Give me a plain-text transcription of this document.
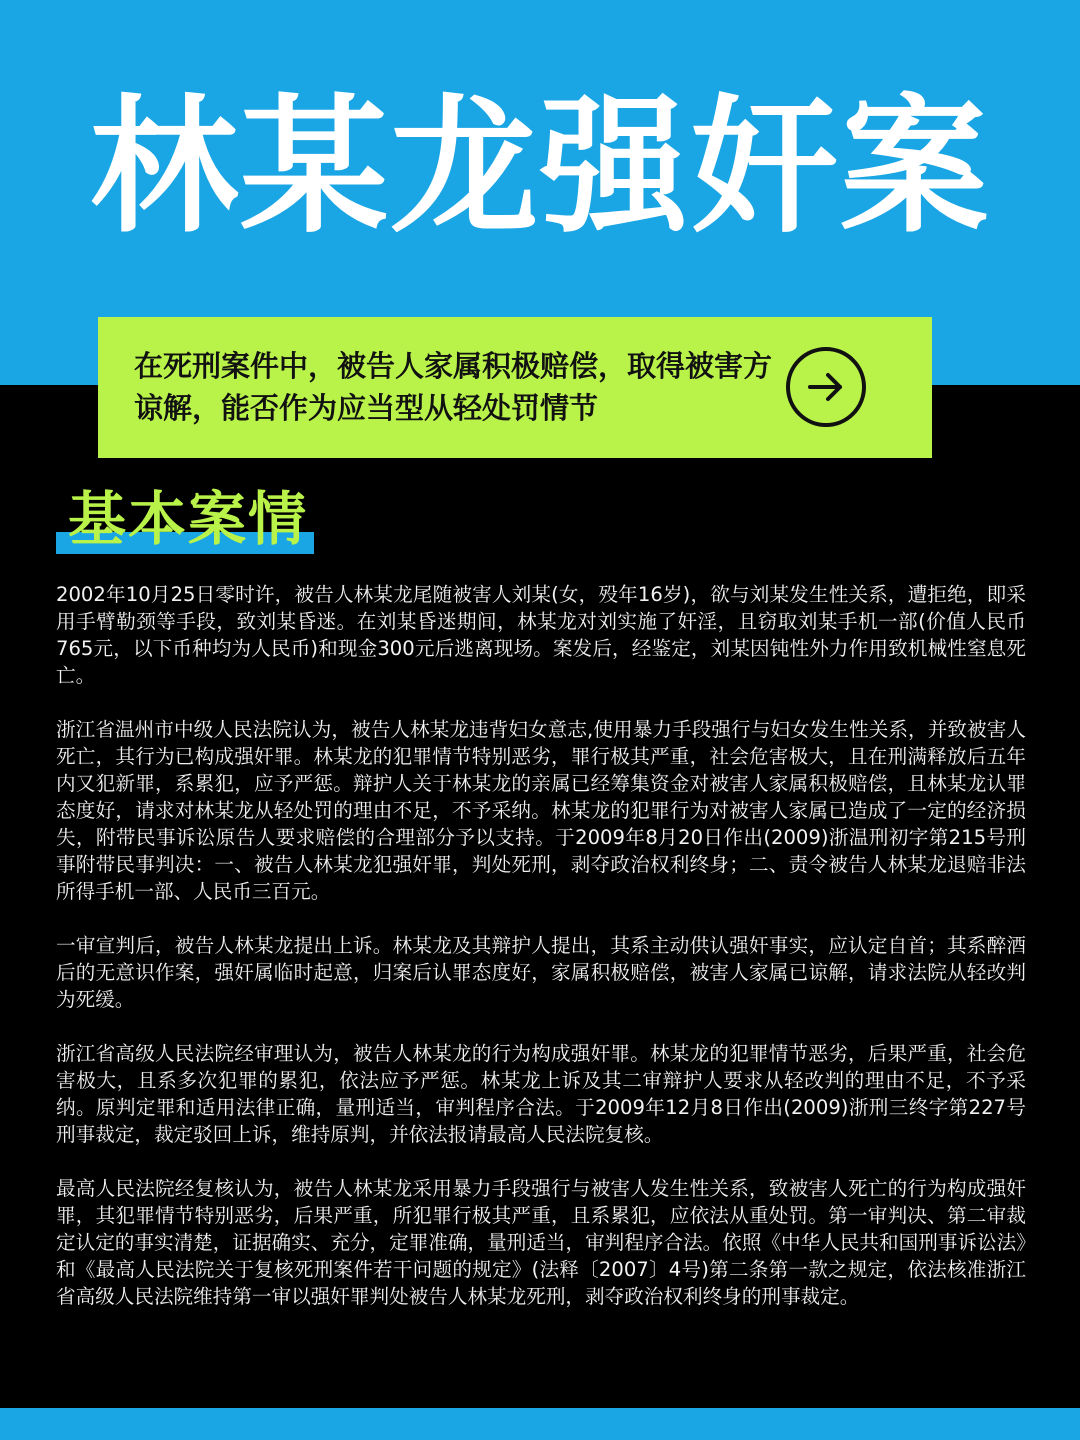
林某龙强奸案

在死刑案件中，被告人家属积极赔偿，取得被害方谅解，能否作为应当型从轻处罚情节

基本案情

2002年10月25日零时许，被告人林某龙尾随被害人刘某(女，殁年16岁)，欲与刘某发生性关系，遭拒绝，即采用手臂勒颈等手段，致刘某昏迷。在刘某昏迷期间，林某龙对刘实施了奸淫，且窃取刘某手机一部(价值人民币765元，以下币种均为人民币)和现金300元后逃离现场。案发后，经鉴定，刘某因钝性外力作用致机械性窒息死亡。

浙江省温州市中级人民法院认为，被告人林某龙违背妇女意志,使用暴力手段强行与妇女发生性关系，并致被害人死亡，其行为已构成强奸罪。林某龙的犯罪情节特别恶劣，罪行极其严重，社会危害极大，且在刑满释放后五年内又犯新罪，系累犯，应予严惩。辩护人关于林某龙的亲属已经筹集资金对被害人家属积极赔偿，且林某龙认罪态度好，请求对林某龙从轻处罚的理由不足，不予采纳。林某龙的犯罪行为对被害人家属已造成了一定的经济损失，附带民事诉讼原告人要求赔偿的合理部分予以支持。于2009年8月20日作出(2009)浙温刑初字第215号刑事附带民事判决：一、被告人林某龙犯强奸罪，判处死刑，剥夺政治权利终身；二、责令被告人林某龙退赔非法所得手机一部、人民币三百元。

一审宣判后，被告人林某龙提出上诉。林某龙及其辩护人提出，其系主动供认强奸事实，应认定自首；其系醉酒后的无意识作案，强奸属临时起意，归案后认罪态度好，家属积极赔偿，被害人家属已谅解，请求法院从轻改判为死缓。

浙江省高级人民法院经审理认为，被告人林某龙的行为构成强奸罪。林某龙的犯罪情节恶劣，后果严重，社会危害极大，且系多次犯罪的累犯，依法应予严惩。林某龙上诉及其二审辩护人要求从轻改判的理由不足，不予采纳。原判定罪和适用法律正确，量刑适当，审判程序合法。于2009年12月8日作出(2009)浙刑三终字第227号刑事裁定，裁定驳回上诉，维持原判，并依法报请最高人民法院复核。

最高人民法院经复核认为，被告人林某龙采用暴力手段强行与被害人发生性关系，致被害人死亡的行为构成强奸罪，其犯罪情节特别恶劣，后果严重，所犯罪行极其严重，且系累犯，应依法从重处罚。第一审判决、第二审裁定认定的事实清楚，证据确实、充分，定罪准确，量刑适当，审判程序合法。依照《中华人民共和国刑事诉讼法》和《最高人民法院关于复核死刑案件若干问题的规定》(法释〔2007〕4号)第二条第一款之规定，依法核准浙江省高级人民法院维持第一审以强奸罪判处被告人林某龙死刑，剥夺政治权利终身的刑事裁定。
